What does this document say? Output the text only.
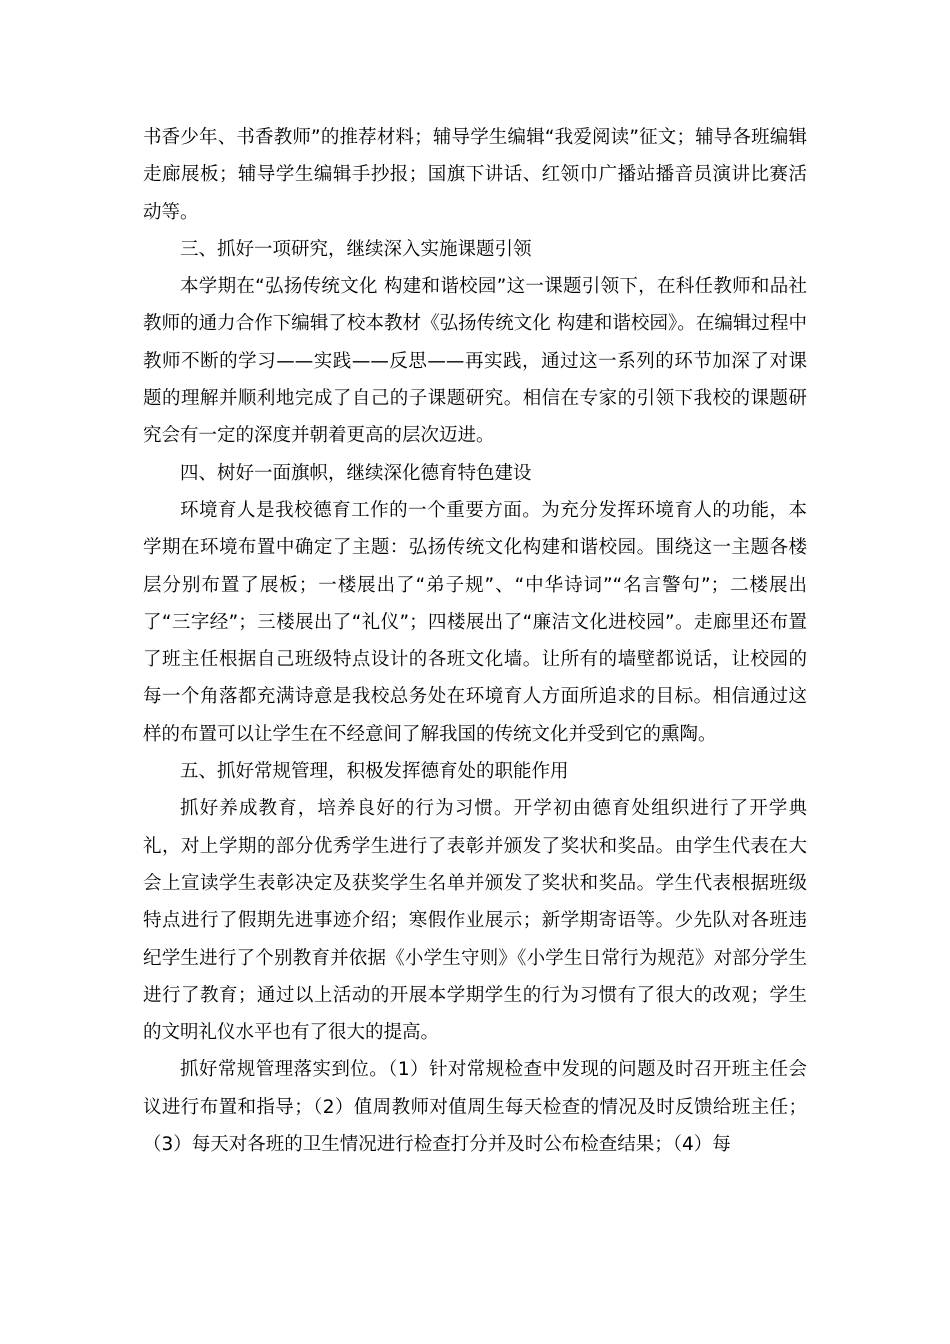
书香少年、书香教师”的推荐材料；辅导学生编辑“我爱阅读”征文；辅导各班编辑走廊展板；辅导学生编辑手抄报；国旗下讲话、红领巾广播站播音员演讲比赛活动等。

三、抓好一项研究，继续深入实施课题引领

本学期在“弘扬传统文化 构建和谐校园”这一课题引领下，在科任教师和品社教师的通力合作下编辑了校本教材《弘扬传统文化 构建和谐校园》。在编辑过程中教师不断的学习——实践——反思——再实践，通过这一系列的环节加深了对课题的理解并顺利地完成了自己的子课题研究。相信在专家的引领下我校的课题研究会有一定的深度并朝着更高的层次迈进。

四、树好一面旗帜，继续深化德育特色建设

环境育人是我校德育工作的一个重要方面。为充分发挥环境育人的功能，本学期在环境布置中确定了主题：弘扬传统文化构建和谐校园。围绕这一主题各楼层分别布置了展板；一楼展出了“弟子规”、“中华诗词”“名言警句”；二楼展出了“三字经”；三楼展出了“礼仪”；四楼展出了“廉洁文化进校园”。走廊里还布置了班主任根据自己班级特点设计的各班文化墙。让所有的墙壁都说话，让校园的每一个角落都充满诗意是我校总务处在环境育人方面所追求的目标。相信通过这样的布置可以让学生在不经意间了解我国的传统文化并受到它的熏陶。

五、抓好常规管理，积极发挥德育处的职能作用

抓好养成教育，培养良好的行为习惯。开学初由德育处组织进行了开学典礼，对上学期的部分优秀学生进行了表彰并颁发了奖状和奖品。由学生代表在大会上宣读学生表彰决定及获奖学生名单并颁发了奖状和奖品。学生代表根据班级特点进行了假期先进事迹介绍；寒假作业展示；新学期寄语等。少先队对各班违纪学生进行了个别教育并依据《小学生守则》《小学生日常行为规范》对部分学生进行了教育；通过以上活动的开展本学期学生的行为习惯有了很大的改观；学生的文明礼仪水平也有了很大的提高。

抓好常规管理落实到位。（1）针对常规检查中发现的问题及时召开班主任会议进行布置和指导；（2）值周教师对值周生每天检查的情况及时反馈给班主任；（3）每天对各班的卫生情况进行检查打分并及时公布检查结果；（4）每
